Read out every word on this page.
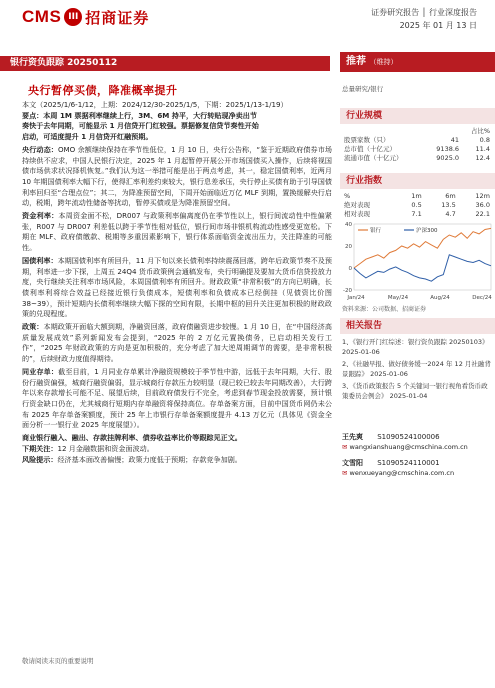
CMS III 招商证券	证券研究报告 │ 行业深度报告
2025 年 01 月 13 日
银行资负跟踪 20250112
央行暂停买债，降准概率提升
推荐 （维持）
总量研究/银行
行业规模
		占比%
股票家数（只）	41	0.8
总市值（十亿元）	9138.6	11.4
流通市值（十亿元）	9025.0	12.4
行业指数
%	1m	6m	12m
绝对表现	0.5	13.5	36.0
相对表现	7.1	4.7	22.1
40
20
0
-20
Jan/24	May/24	Aug/24	Dec/24
银行	沪深300
资料来源：公司数据、招商证券
相关报告
1、《银行开门红综述：银行资负跟踪 20250103》 2025-01-06
2、《社融早报、做好债务缓一2024 年 12 月社融背景跟踪》 2025-01-06
3、《货币政策报告 5 个关键词一银行视角看货币政策委员会例会》 2025-01-04
王先爽 S1090524100006
✉ wangxianshuang@cmschina.com.cn
文雪阳 S1090524110001
✉ wenxueyang@cmschina.com.cn

本文（2025/1/6-1/12，上期：2024/12/30-2025/1/5，下期：2025/1/13-1/19）

要点：本周 1M 票据利率继续上行，3M、6M 持平，大行转贴现净卖出节
奏快于去年同期，可能显示 1 月信贷开门红较强。票据修复信贷节奏性开始
启动，可适度提升 1 月信贷开红融预期。

央行动态：OMO 余额继续保持在季节性低位，1 月 10 日，央行公告称，“鉴于近期政府债券市场持续供不应求，中国人民银行决定，2025 年 1 月起暂停开展公开市场国债买入操作，后续将视国债市场供求状况择机恢复。”我们认为这一举措可能是出于两点考虑，其一，稳定国债利率，近两月 10 年期国债利率大幅下行，使得汇率利差约束较大，银行息差承压，央行停止买债有助于引导国债利率回归至“合理点位”；其二，为降准预留空间，下周开始面临近万亿 MLF 到期，置换缓解央行启动，税期，跨年流动性储备等扰动，暂停买债或是为降准预留空间。

资金利率：本周资金面不松，DR007 与政策利率偏离度仍在季节性以上，银行间流动性中性偏紧张，R007 与 DR007 利差低以跨于季节性相对低位，银行间市场非银机构流动性感受更宽松。下期在 MLF、政府债缴款、税期等多重因素影响下，银行体系面临资金流出压力，关注降准的可能性。

国债利率：本期国债利率有所回升，11 月下旬以来长债利率持续震荡回落，跨年后政策节奏不及预期，利率进一步下探，上周五 24Q4 货币政策例会通稿发布，央行明确提及要加大货币信贷投放力度，央行继续关注利率市场风险，本周国债利率有所回升。财政政策“非常积极”的方向已明确，长债利率利将综合效益已经接近银行负债成本，短债利率和负债成本已经倒挂（见债资比价图 38~39），预计短期内长债利率继续大幅下探的空间有限，长期中枢的回升关注更加积极的财政政策的兑现程度。

政策：本期政策开面临大额到期，净融资回落，政府债融资进步较慢。1 月 10 日，在“中国经济高质量发展成效”系列新闻发布会提到，“2025 年的 2 万亿元置换债务，已启动相关发行工作”，“2025 年财政政策的方向是更加积极的，充分考虑了加大逆周期调节的需要，是非常积极的”，后续财政力度值得期待。

同业存单：截至目前，1 月同业存单累计净融资规模较于季节性中游，远低于去年同期，大行、股份行融资偏强，城商行融资偏弱，显示城商行存款压力较明显（现已较已较去年同期改善），大行跨年以来存款增长可能不足、展望后续，目前政府债发行不完全，考虑到春节现金投放需要，预计银行资金缺口仍在，尤其城商行短期内存单融资将保持高位。存单备案方面，目前中国货币网仍未公布 2025 年存单备案额度，预计 25 年上市银行存单备案额度提升 4.13 万亿元（具体见《资金全面分析一一银行业 2025 年度展望》）。

商业银行融入、融出、存款挂牌利率、债券收益率比价等跟踪见正文。

下期关注：12 月金融数据和资金面波动。

风险提示：经济基本面改善偏慢；政策力度低于预期；存款竞争加剧。

敬请阅读末页的重要说明
